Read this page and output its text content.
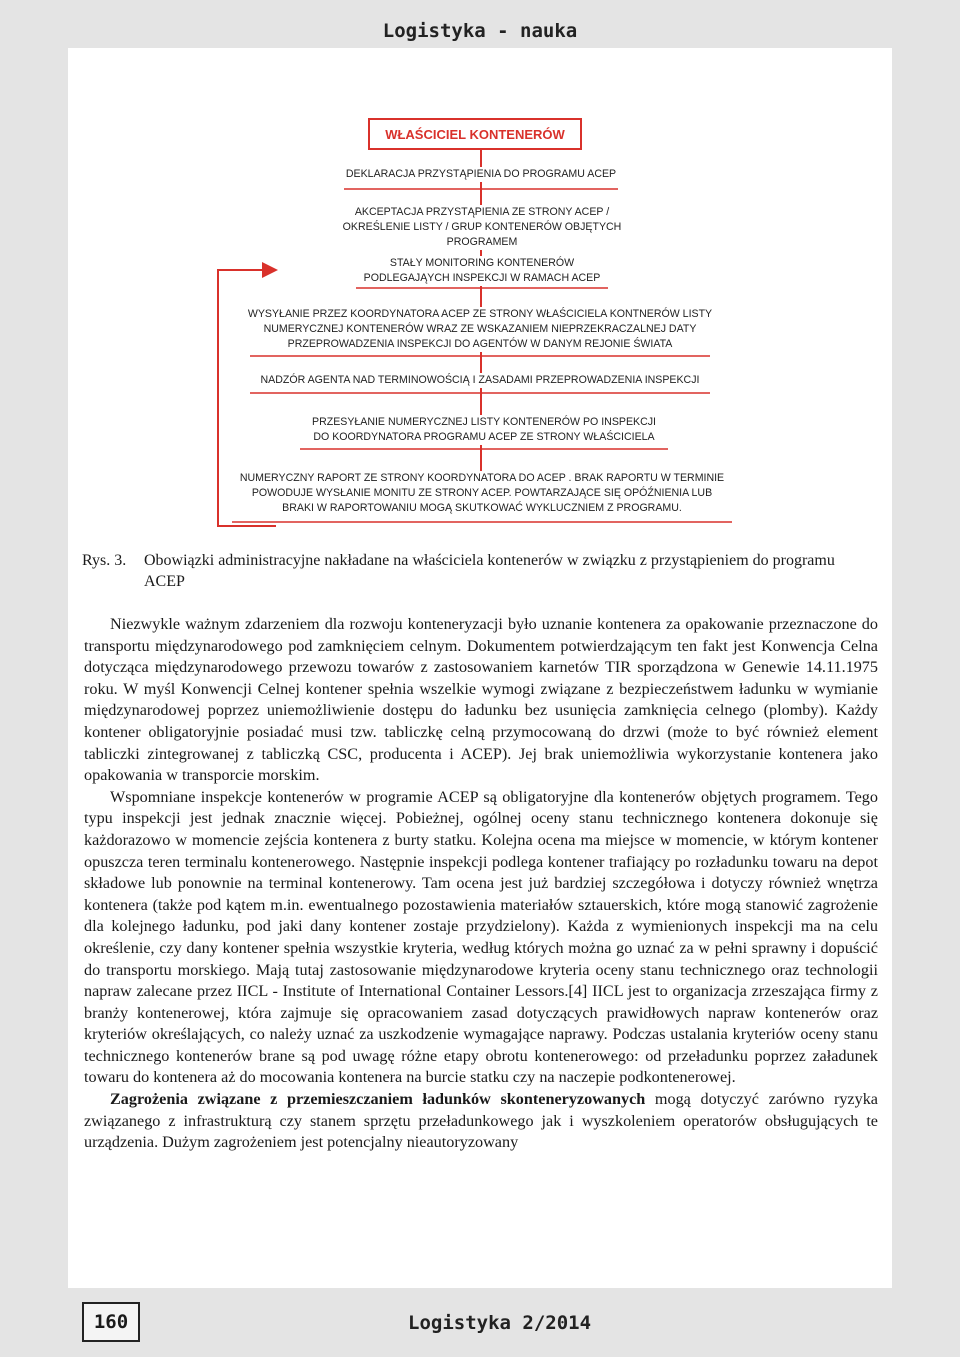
Logistyka - nauka
WŁAŚCICIEL KONTENERÓW
DEKLARACJA PRZYSTĄPIENIA DO PROGRAMU ACEP
AKCEPTACJA PRZYSTĄPIENIA ZE STRONY ACEP /
OKREŚLENIE LISTY / GRUP KONTENERÓW OBJĘTYCH PROGRAMEM
STAŁY MONITORING KONTENERÓW
PODLEGAJĄYCH INSPEKCJI W RAMACH ACEP
WYSYŁANIE PRZEZ KOORDYNATORA ACEP ZE STRONY WŁAŚCICIELA KONTNERÓW LISTY
NUMERYCZNEJ KONTENERÓW WRAZ ZE WSKAZANIEM NIEPRZEKRACZALNEJ DATY
PRZEPROWADZENIA INSPEKCJI DO AGENTÓW W DANYM REJONIE ŚWIATA
NADZÓR AGENTA NAD TERMINOWOŚCIĄ I ZASADAMI PRZEPROWADZENIA INSPEKCJI
PRZESYŁANIE NUMERYCZNEJ LISTY KONTENERÓW PO INSPEKCJI
DO KOORDYNATORA PROGRAMU ACEP ZE STRONY WŁAŚCICIELA
NUMERYCZNY RAPORT ZE STRONY KOORDYNATORA DO ACEP . BRAK RAPORTU W TERMINIE
POWODUJE WYSŁANIE MONITU ZE STRONY ACEP. POWTARZAJĄCE SIĘ OPÓŹNIENIA LUB
BRAKI W RAPORTOWANIU MOGĄ SKUTKOWAĆ WYKLUCZNIEM Z PROGRAMU.
Rys. 3. Obowiązki administracyjne nakładane na właściciela kontenerów w związku z przystąpieniem do programu ACEP

Niezwykle ważnym zdarzeniem dla rozwoju konteneryzacji było uznanie kontenera za opakowanie przeznaczone do transportu międzynarodowego pod zamknięciem celnym. Dokumentem potwierdzającym ten fakt jest Konwencja Celna dotycząca międzynarodowego przewozu towarów z zastosowaniem karnetów TIR sporządzona w Genewie 14.11.1975 roku. W myśl Konwencji Celnej kontener spełnia wszelkie wymogi związane z bezpieczeństwem ładunku w wymianie międzynarodowej poprzez uniemożliwienie dostępu do ładunku bez usunięcia zamknięcia celnego (plomby). Każdy kontener obligatoryjnie posiadać musi tzw. tabliczkę celną przymocowaną do drzwi (może to być również element tabliczki zintegrowanej z tabliczką CSC, producenta i ACEP). Jej brak uniemożliwia wykorzystanie kontenera jako opakowania w transporcie morskim.

Wspomniane inspekcje kontenerów w programie ACEP są obligatoryjne dla kontenerów objętych programem. Tego typu inspekcji jest jednak znacznie więcej. Pobieżnej, ogólnej oceny stanu technicznego kontenera dokonuje się każdorazowo w momencie zejścia kontenera z burty statku. Kolejna ocena ma miejsce w momencie, w którym kontener opuszcza teren terminalu kontenerowego. Następnie inspekcji podlega kontener trafiający po rozładunku towaru na depot składowe lub ponownie na terminal kontenerowy. Tam ocena jest już bardziej szczegółowa i dotyczy również wnętrza kontenera (także pod kątem m.in. ewentualnego pozostawienia materiałów sztauerskich, które mogą stanowić zagrożenie dla kolejnego ładunku, pod jaki dany kontener zostaje przydzielony). Każda z wymienionych inspekcji ma na celu określenie, czy dany kontener spełnia wszystkie kryteria, według których można go uznać za w pełni sprawny i dopuścić do transportu morskiego. Mają tutaj zastosowanie międzynarodowe kryteria oceny stanu technicznego oraz technologii napraw zalecane przez IICL - Institute of International Container Lessors.[4] IICL jest to organizacja zrzeszająca firmy z branży kontenerowej, która zajmuje się opracowaniem zasad dotyczących prawidłowych napraw kontenerów oraz kryteriów określających, co należy uznać za uszkodzenie wymagające naprawy. Podczas ustalania kryteriów oceny stanu technicznego kontenerów brane są pod uwagę różne etapy obrotu kontenerowego: od przeładunku poprzez załadunek towaru do kontenera aż do mocowania kontenera na burcie statku czy na naczepie podkontenerowej.

Zagrożenia związane z przemieszczaniem ładunków skonteneryzowanych mogą dotyczyć zarówno ryzyka związanego z infrastrukturą czy stanem sprzętu przeładunkowego jak i wyszkoleniem operatorów obsługujących te urządzenia. Dużym zagrożeniem jest potencjalny nieautoryzowany

160	Logistyka 2/2014
